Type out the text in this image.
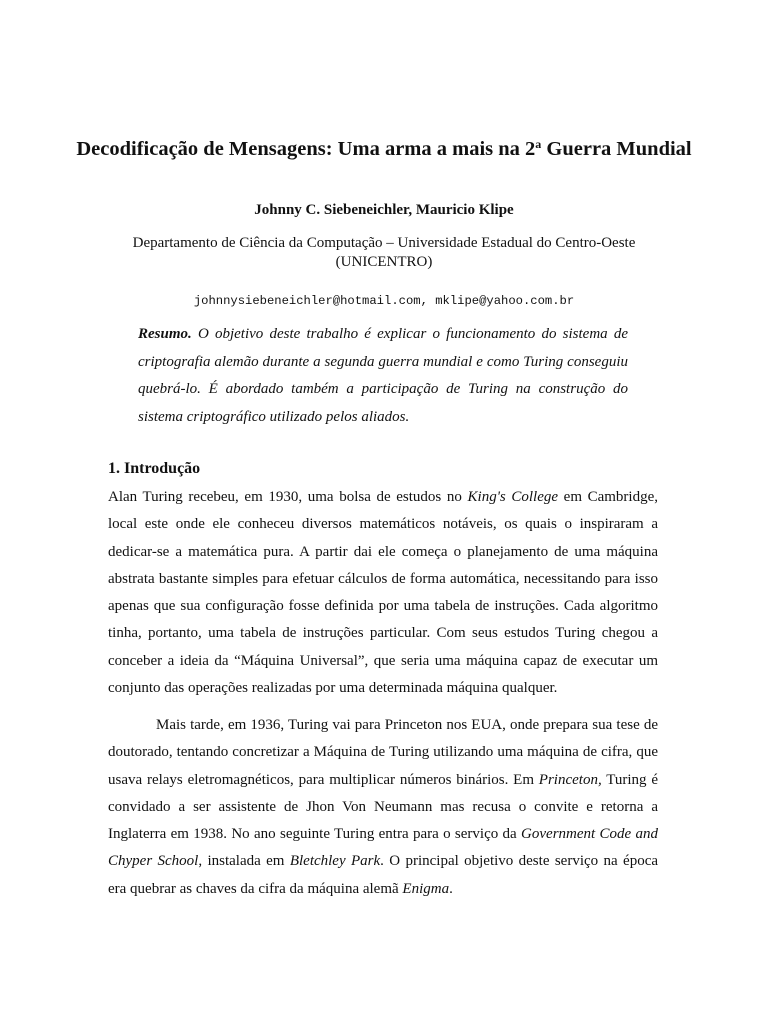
Decodificação de Mensagens: Uma arma a mais na 2$^a$ Guerra Mundial
Johnny C. Siebeneichler, Mauricio Klipe
Departamento de Ciência da Computação – Universidade Estadual do Centro-Oeste
(UNICENTRO)
johnnysiebeneichler@hotmail.com, mklipe@yahoo.com.br
Resumo. O objetivo deste trabalho é explicar o funcionamento do sistema de criptografia alemão durante a segunda guerra mundial e como Turing conseguiu quebrá-lo. É abordado também a participação de Turing na construção do sistema criptográfico utilizado pelos aliados.
1. Introdução
Alan Turing recebeu, em 1930, uma bolsa de estudos no King's College em Cambridge, local este onde ele conheceu diversos matemáticos notáveis, os quais o inspiraram a dedicar-se a matemática pura. A partir dai ele começa o planejamento de uma máquina abstrata bastante simples para efetuar cálculos de forma automática, necessitando para isso apenas que sua configuração fosse definida por uma tabela de instruções. Cada algoritmo tinha, portanto, uma tabela de instruções particular. Com seus estudos Turing chegou a conceber a ideia da “Máquina Universal”, que seria uma máquina capaz de executar um conjunto das operações realizadas por uma determinada máquina qualquer.
Mais tarde, em 1936, Turing vai para Princeton nos EUA, onde prepara sua tese de doutorado, tentando concretizar a Máquina de Turing utilizando uma máquina de cifra, que usava relays eletromagnéticos, para multiplicar números binários. Em Princeton, Turing é convidado a ser assistente de Jhon Von Neumann mas recusa o convite e retorna a Inglaterra em 1938. No ano seguinte Turing entra para o serviço da Government Code and Chyper School, instalada em Bletchley Park. O principal objetivo deste serviço na época era quebrar as chaves da cifra da máquina alemã Enigma.
